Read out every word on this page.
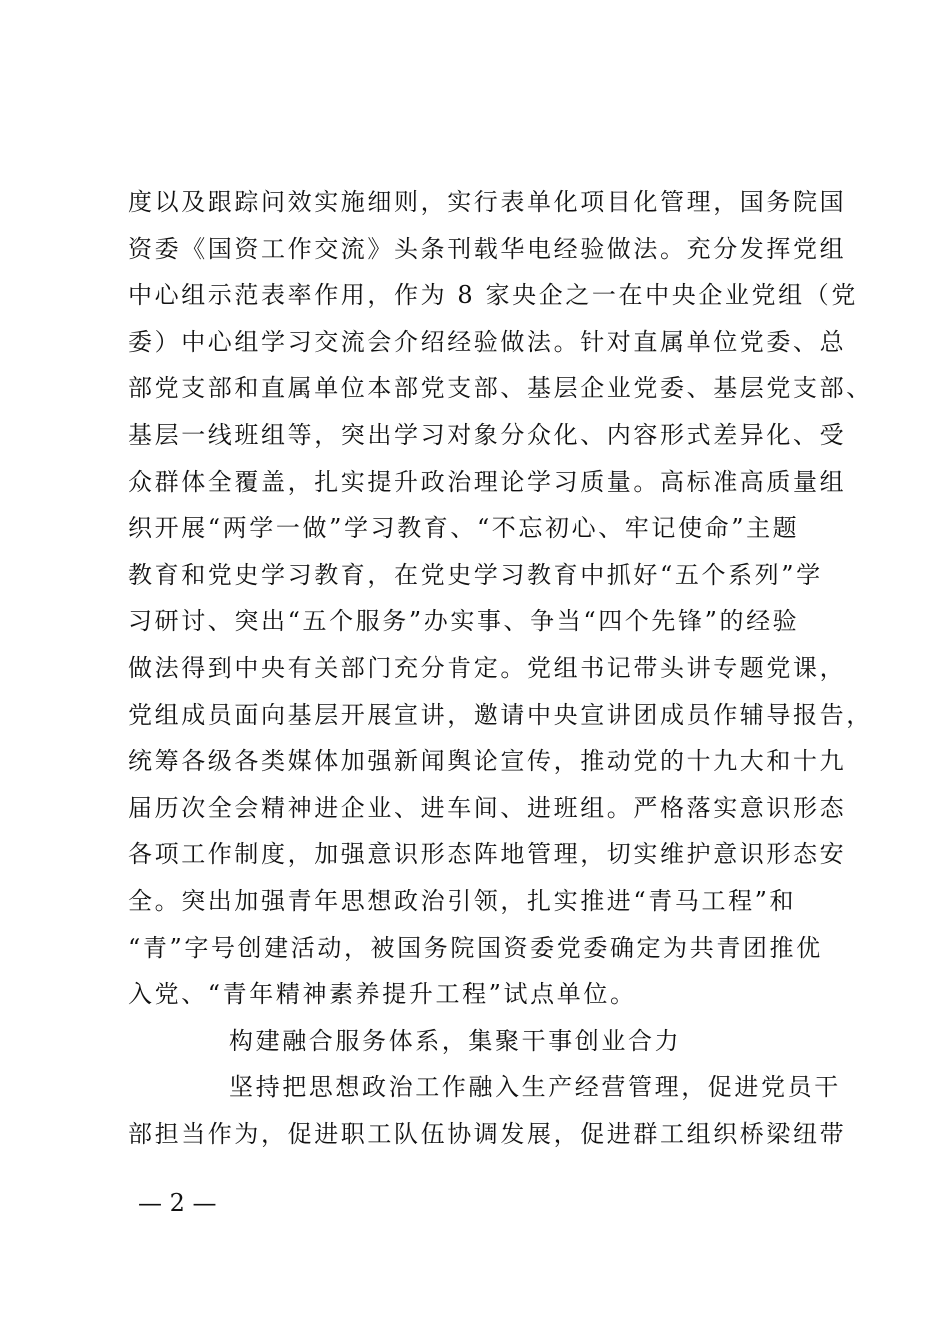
度以及跟踪问效实施细则，实行表单化项目化管理，国务院国
资委《国资工作交流》头条刊载华电经验做法。充分发挥党组
中心组示范表率作用，作为 8 家央企之一在中央企业党组（党
委）中心组学习交流会介绍经验做法。针对直属单位党委、总
部党支部和直属单位本部党支部、基层企业党委、基层党支部、
基层一线班组等，突出学习对象分众化、内容形式差异化、受
众群体全覆盖，扎实提升政治理论学习质量。高标准高质量组
织开展“两学一做”学习教育、“不忘初心、牢记使命”主题
教育和党史学习教育，在党史学习教育中抓好“五个系列”学
习研讨、突出“五个服务”办实事、争当“四个先锋”的经验
做法得到中央有关部门充分肯定。党组书记带头讲专题党课，
党组成员面向基层开展宣讲，邀请中央宣讲团成员作辅导报告，
统筹各级各类媒体加强新闻舆论宣传，推动党的十九大和十九
届历次全会精神进企业、进车间、进班组。严格落实意识形态
各项工作制度，加强意识形态阵地管理，切实维护意识形态安
全。突出加强青年思想政治引领，扎实推进“青马工程”和
“青”字号创建活动，被国务院国资委党委确定为共青团推优
入党、“青年精神素养提升工程”试点单位。
构建融合服务体系，集聚干事创业合力
坚持把思想政治工作融入生产经营管理，促进党员干
部担当作为，促进职工队伍协调发展，促进群工组织桥梁纽带
— 2 —
